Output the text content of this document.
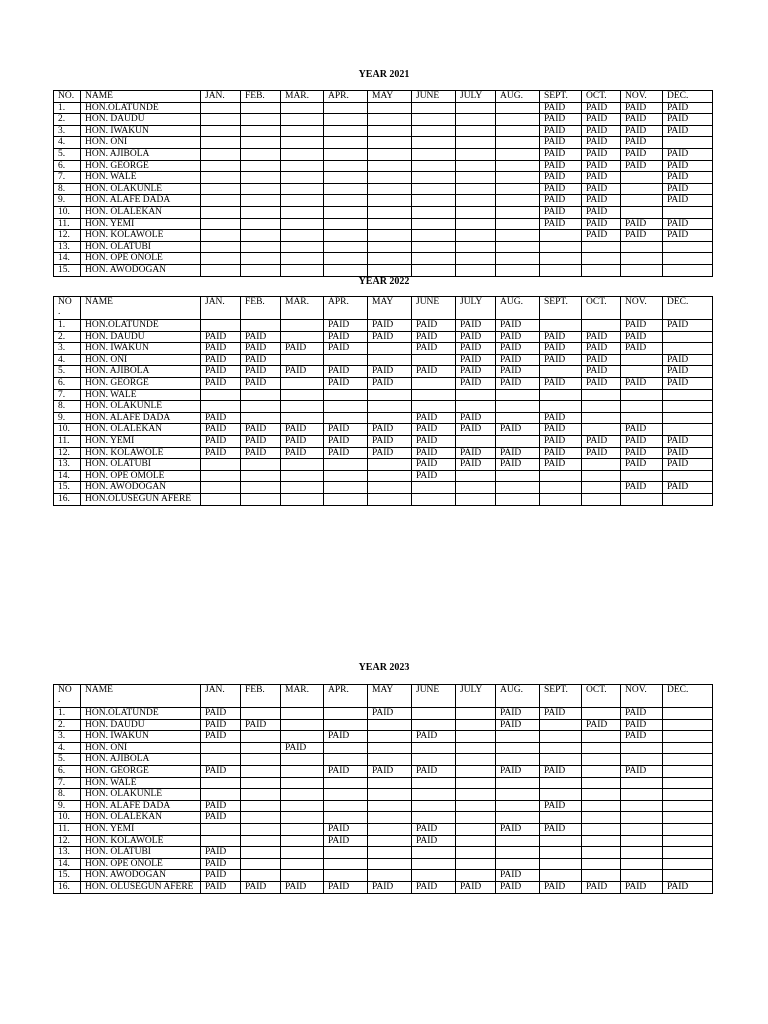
YEAR 2021
NO.	NAME	JAN.	FEB.	MAR.	APR.	MAY	JUNE	JULY	AUG.	SEPT.	OCT.	NOV.	DEC.
1.	HON.OLATUNDE									PAID	PAID	PAID	PAID
2.	HON. DAUDU									PAID	PAID	PAID	PAID
3.	HON. IWAKUN									PAID	PAID	PAID	PAID
4.	HON. ONI									PAID	PAID	PAID	
5.	HON. AJIBOLA									PAID	PAID	PAID	PAID
6.	HON. GEORGE									PAID	PAID	PAID	PAID
7.	HON. WALE									PAID	PAID		PAID
8.	HON. OLAKUNLE									PAID	PAID		PAID
9.	HON. ALAFE DADA									PAID	PAID		PAID
10.	HON. OLALEKAN									PAID	PAID		
11.	HON. YEMI									PAID	PAID	PAID	PAID
12.	HON. KOLAWOLE										PAID	PAID	PAID
13.	HON. OLATUBI												
14.	HON. OPE ONOLE												
15.	HON. AWODOGAN												
YEAR 2022
NO
.	NAME	JAN.	FEB.	MAR.	APR.	MAY	JUNE	JULY	AUG.	SEPT.	OCT.	NOV.	DEC.
1.	HON.OLATUNDE				PAID	PAID	PAID	PAID	PAID			PAID	PAID
2.	HON. DAUDU	PAID	PAID		PAID	PAID	PAID	PAID	PAID	PAID	PAID	PAID	
3.	HON. IWAKUN	PAID	PAID	PAID	PAID		PAID	PAID	PAID	PAID	PAID	PAID	
4.	HON. ONI	PAID	PAID					PAID	PAID	PAID	PAID		PAID
5.	HON. AJIBOLA	PAID	PAID	PAID	PAID	PAID	PAID	PAID	PAID		PAID		PAID
6.	HON. GEORGE	PAID	PAID		PAID	PAID		PAID	PAID	PAID	PAID	PAID	PAID
7.	HON. WALE												
8.	HON. OLAKUNLE												
9.	HON. ALAFE DADA	PAID					PAID	PAID		PAID			
10.	HON. OLALEKAN	PAID	PAID	PAID	PAID	PAID	PAID	PAID	PAID	PAID		PAID	
11.	HON. YEMI	PAID	PAID	PAID	PAID	PAID	PAID			PAID	PAID	PAID	PAID
12.	HON. KOLAWOLE	PAID	PAID	PAID	PAID	PAID	PAID	PAID	PAID	PAID	PAID	PAID	PAID
13.	HON. OLATUBI						PAID	PAID	PAID	PAID		PAID	PAID
14.	HON. OPE OMOLE						PAID						
15.	HON. AWODOGAN											PAID	PAID
16.	HON.OLUSEGUN AFERE												
YEAR 2023
NO
.	NAME	JAN.	FEB.	MAR.	APR.	MAY	JUNE	JULY	AUG.	SEPT.	OCT.	NOV.	DEC.
1.	HON.OLATUNDE	PAID				PAID			PAID	PAID		PAID	
2.	HON. DAUDU	PAID	PAID						PAID		PAID	PAID	
3.	HON. IWAKUN	PAID			PAID		PAID					PAID	
4.	HON. ONI			PAID									
5.	HON. AJIBOLA												
6.	HON. GEORGE	PAID			PAID	PAID	PAID		PAID	PAID		PAID	
7.	HON. WALE												
8.	HON. OLAKUNLE												
9.	HON. ALAFE DADA	PAID								PAID			
10.	HON. OLALEKAN	PAID											
11.	HON. YEMI				PAID		PAID		PAID	PAID			
12.	HON. KOLAWOLE				PAID		PAID						
13.	HON. OLATUBI	PAID											
14.	HON. OPE ONOLE	PAID											
15.	HON. AWODOGAN	PAID							PAID				
16.	HON. OLUSEGUN AFERE	PAID	PAID	PAID	PAID	PAID	PAID	PAID	PAID	PAID	PAID	PAID	PAID
